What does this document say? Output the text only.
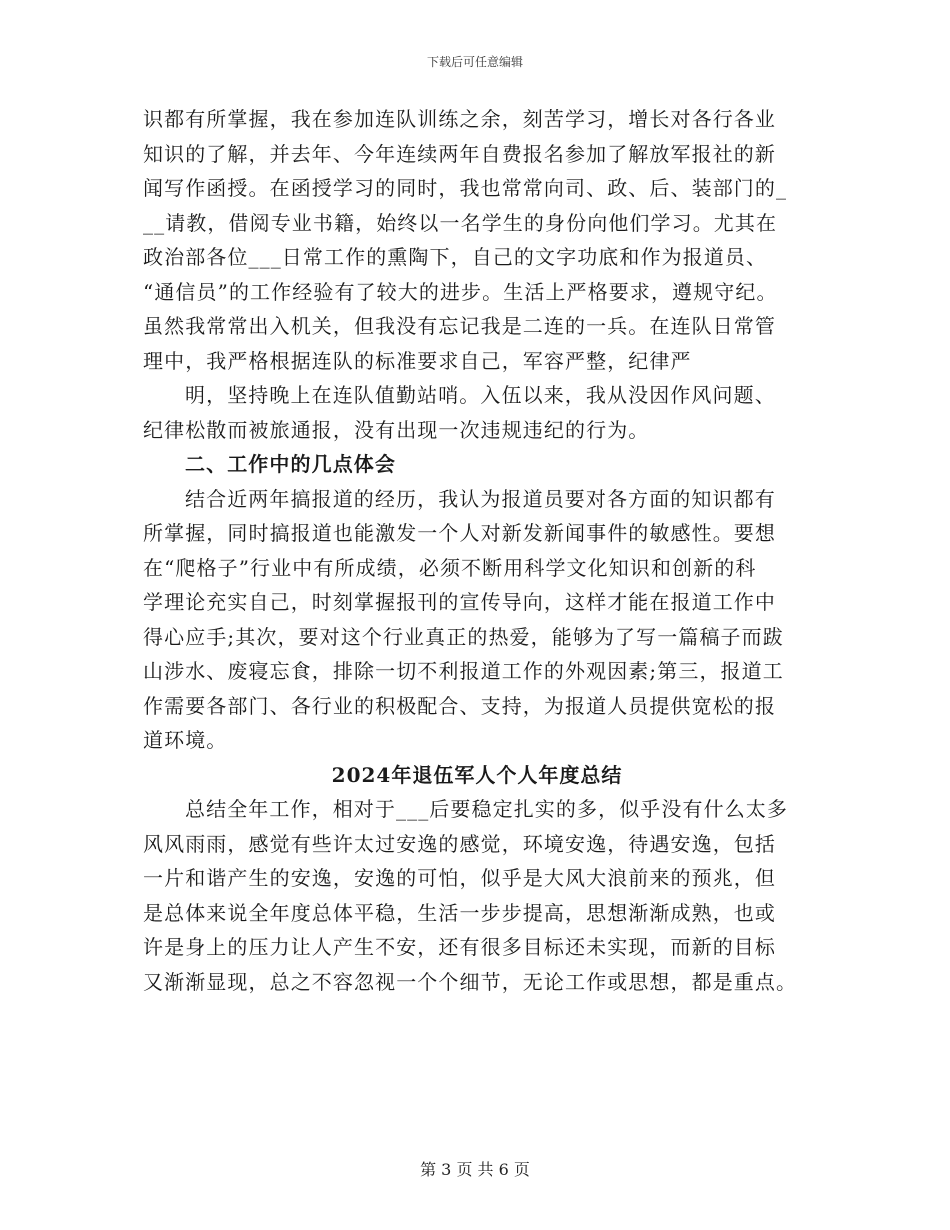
下载后可任意编辑

识都有所掌握，我在参加连队训练之余，刻苦学习，增长对各行各业
知识的了解，并去年、今年连续两年自费报名参加了解放军报社的新
闻写作函授。在函授学习的同时，我也常常向司、政、后、装部门的_
__请教，借阅专业书籍，始终以一名学生的身份向他们学习。尤其在
政治部各位___日常工作的熏陶下，自己的文字功底和作为报道员、
“通信员”的工作经验有了较大的进步。生活上严格要求，遵规守纪。
虽然我常常出入机关，但我没有忘记我是二连的一兵。在连队日常管
理中，我严格根据连队的标准要求自己，军容严整，纪律严

明，坚持晚上在连队值勤站哨。入伍以来，我从没因作风问题、
纪律松散而被旅通报，没有出现一次违规违纪的行为。

二、工作中的几点体会

结合近两年搞报道的经历，我认为报道员要对各方面的知识都有
所掌握，同时搞报道也能激发一个人对新发新闻事件的敏感性。要想
在“爬格子”行业中有所成绩，必须不断用科学文化知识和创新的科
学理论充实自己，时刻掌握报刊的宣传导向，这样才能在报道工作中
得心应手;其次，要对这个行业真正的热爱，能够为了写一篇稿子而跋
山涉水、废寝忘食，排除一切不利报道工作的外观因素;第三，报道工
作需要各部门、各行业的积极配合、支持，为报道人员提供宽松的报
道环境。

2024年退伍军人个人年度总结

总结全年工作，相对于___后要稳定扎实的多，似乎没有什么太多
风风雨雨，感觉有些许太过安逸的感觉，环境安逸，待遇安逸，包括
一片和谐产生的安逸，安逸的可怕，似乎是大风大浪前来的预兆，但
是总体来说全年度总体平稳，生活一步步提高，思想渐渐成熟，也或
许是身上的压力让人产生不安，还有很多目标还未实现，而新的目标
又渐渐显现，总之不容忽视一个个细节，无论工作或思想，都是重点。

第 3 页 共 6 页
